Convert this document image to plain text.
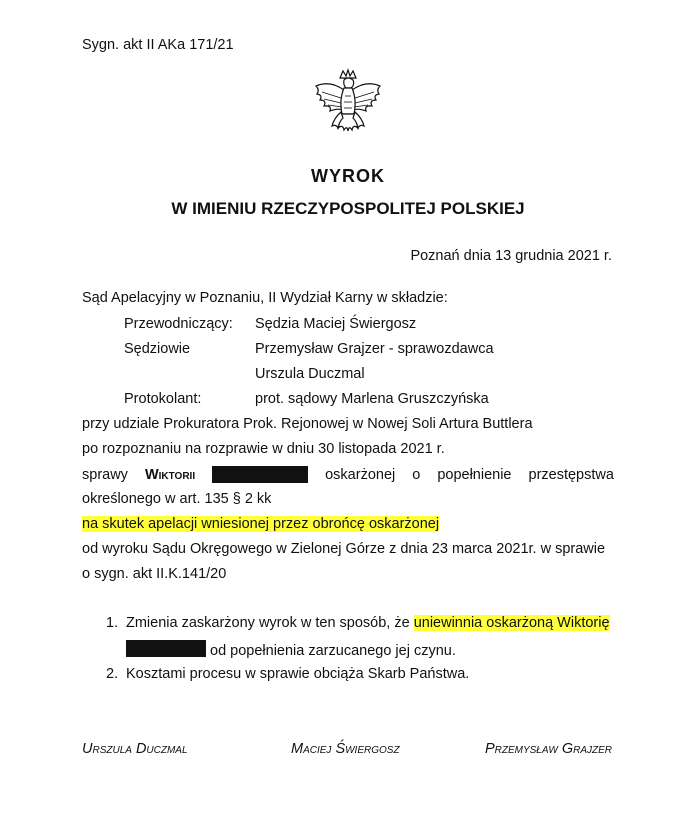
Sygn. akt II AKa 171/21
WYROK
W IMIENIU RZECZYPOSPOLITEJ POLSKIEJ
Poznań dnia 13 grudnia 2021 r.
Sąd Apelacyjny w Poznaniu, II Wydział Karny w składzie:
Przewodniczący: Sędzia Maciej Świergosz
Sędziowie	Przemysław Grajzer - sprawozdawca
Urszula Duczmal
Protokolant:	prot. sądowy Marlena Gruszczyńska
przy udziale Prokuratora Prok. Rejonowej w Nowej Soli Artura Buttlera
po rozpoznaniu na rozprawie w dniu 30 listopada 2021 r.
sprawy Wiktorii	oskarżonej o popełnienie przestępstwa
określonego w art. 135 § 2 kk
na skutek apelacji wniesionej przez obrońcę oskarżonej
od wyroku Sądu Okręgowego w Zielonej Górze z dnia 23 marca 2021r. w sprawie
o sygn. akt II.K.141/20
1. Zmienia zaskarżony wyrok w ten sposób, że uniewinnia oskarżoną Wiktorię
od popełnienia zarzucanego jej czynu.
2. Kosztami procesu w sprawie obciąża Skarb Państwa.
Urszula Duczmal	Maciej Świergosz	Przemysław Grajzer
